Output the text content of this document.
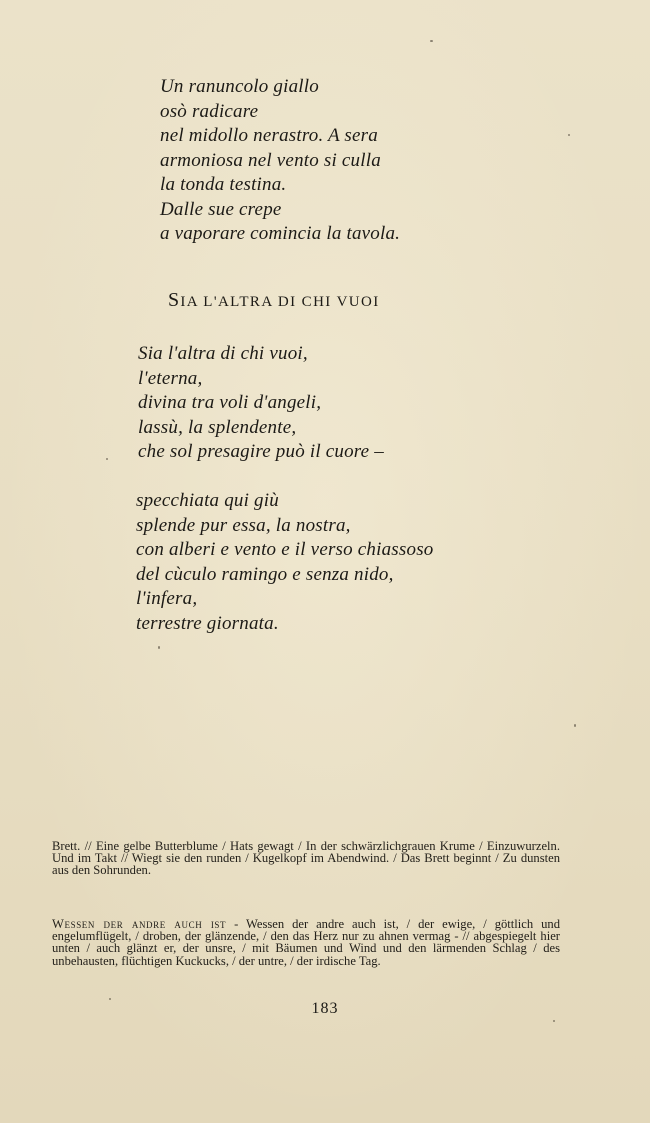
Un ranuncolo giallo
osò radicare
nel midollo nerastro. A sera
armoniosa nel vento si culla
la tonda testina.
Dalle sue crepe
a vaporare comincia la tavola.
SIA L'ALTRA DI CHI VUOI
Sia l'altra di chi vuoi,
l'eterna,
divina tra voli d'angeli,
lassù, la splendente,
che sol presagire può il cuore –
specchiata qui giù
splende pur essa, la nostra,
con alberi e vento e il verso chiassoso
del cùculo ramingo e senza nido,
l'infera,
terrestre giornata.

Brett. // Eine gelbe Butterblume / Hats gewagt / In der schwärzlichgrauen Krume / Einzuwurzeln. Und im Takt // Wiegt sie den runden / Kugelkopf im Abendwind. / Das Brett beginnt / Zu dunsten aus den Sohrunden.

Wessen der andre auch ist - Wessen der andre auch ist, / der ewige, / göttlich und engelumflügelt, / droben, der glänzende, / den das Herz nur zu ahnen vermag - // abgespiegelt hier unten / auch glänzt er, der unsre, / mit Bäumen und Wind und den lärmenden Schlag / des unbehausten, flüchtigen Kuckucks, / der untre, / der irdische Tag.

183
